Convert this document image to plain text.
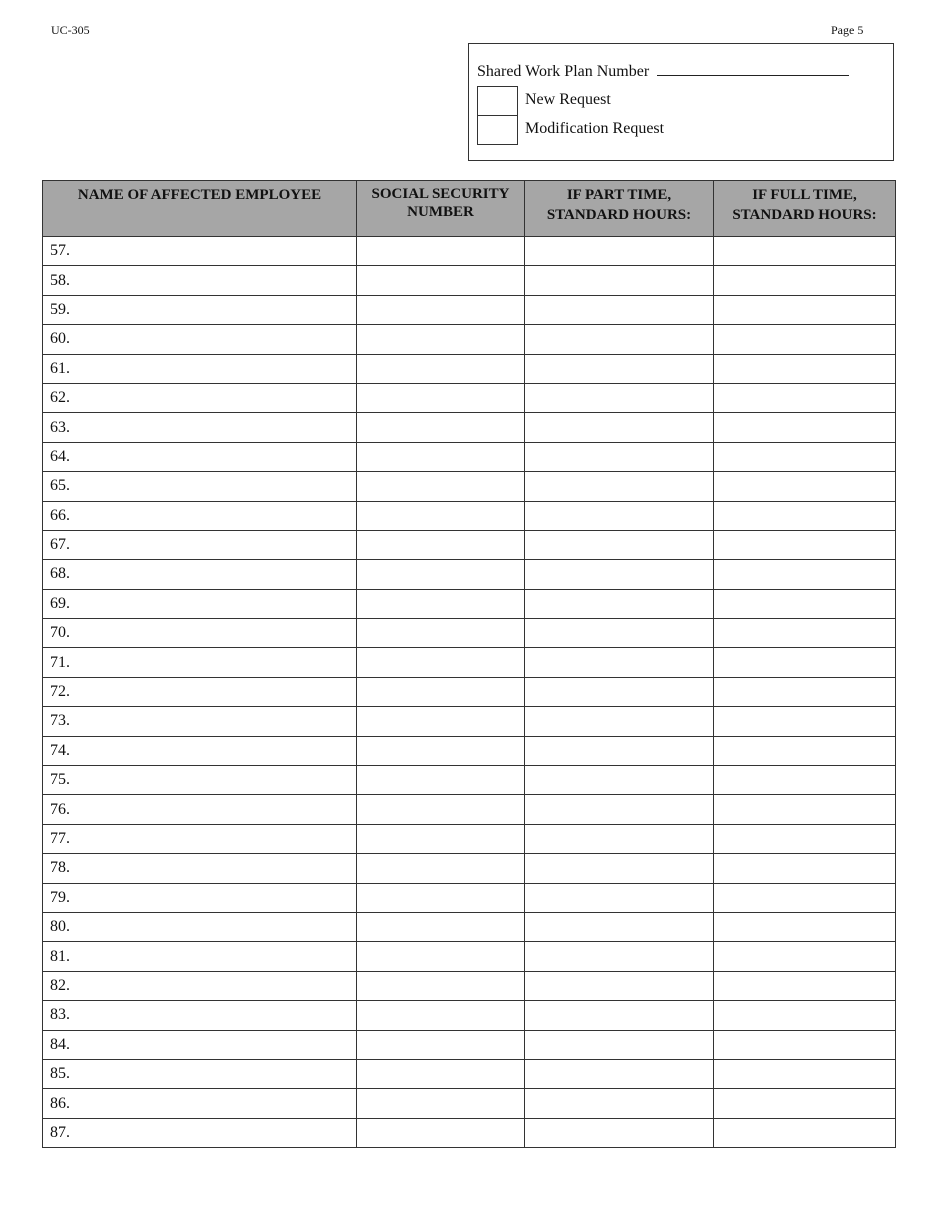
UC-305	Page 5
Shared Work Plan Number
New Request
Modification Request
NAME OF AFFECTED EMPLOYEE	SOCIAL SECURITY NUMBER	IF PART TIME, STANDARD HOURS:	IF FULL TIME, STANDARD HOURS:
57.			
58.			
59.			
60.			
61.			
62.			
63.			
64.			
65.			
66.			
67.			
68.			
69.			
70.			
71.			
72.			
73.			
74.			
75.			
76.			
77.			
78.			
79.			
80.			
81.			
82.			
83.			
84.			
85.			
86.			
87.			
